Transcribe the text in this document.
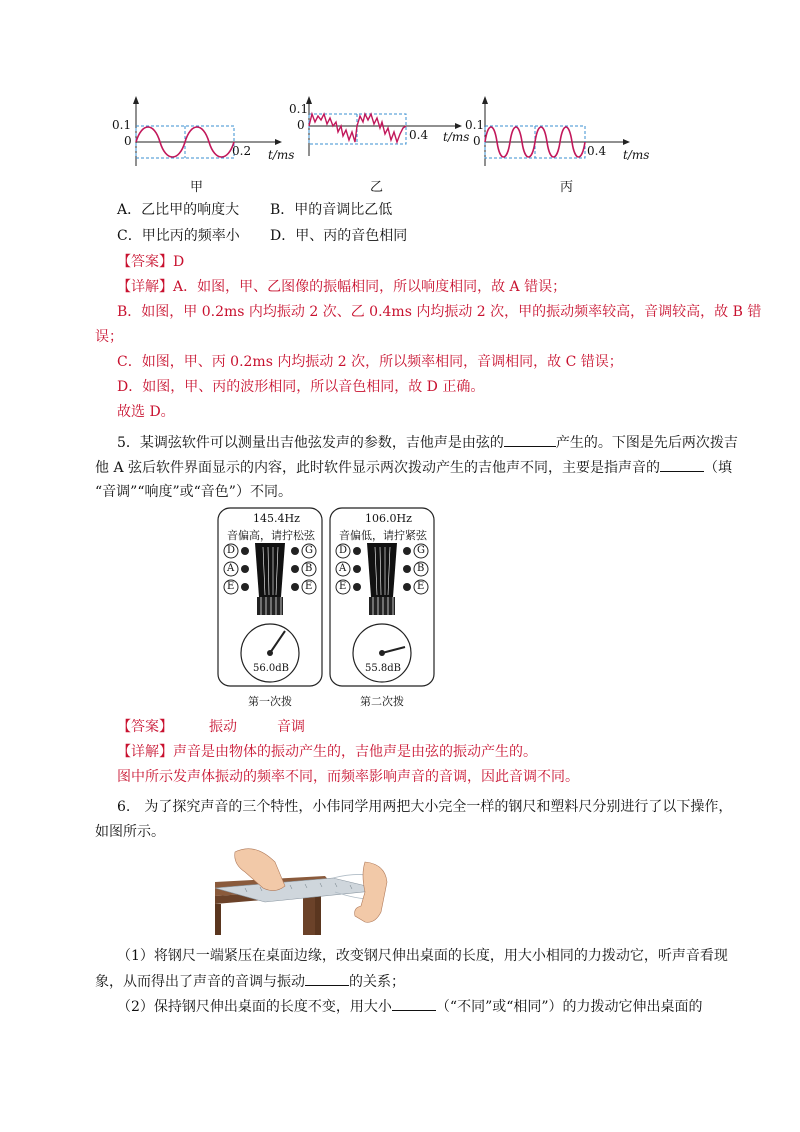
0.1
0
0.2 t/ms
甲
0.1
0
0.4 t/ms
乙
0.1
0
0.4 t/ms
丙
A．乙比甲的响度大 B．甲的音调比乙低
C．甲比丙的频率小 D．甲、丙的音色相同
【答案】D
【详解】A．如图，甲、乙图像的振幅相同，所以响度相同，故 A 错误；
B．如图，甲 0.2ms 内均振动 2 次、乙 0.4ms 内均振动 2 次，甲的振动频率较高，音调较高，故 B 错
误；
C．如图，甲、丙 0.2ms 内均振动 2 次，所以频率相同，音调相同，故 C 错误；
D．如图，甲、丙的波形相同，所以音色相同，故 D 正确。
故选 D。
5．某调弦软件可以测量出吉他弦发声的参数，吉他声是由弦的	产生的。下图是先后两次拨吉
他 A 弦后软件界面显示的内容，此时软件显示两次拨动产生的吉他声不同，主要是指声音的	（填
“音调”“响度”或“音色”）不同。
145.4Hz
音偏高，请拧松弦
D
A
E
G
B
E
56.0dB
第一次拨
106.0Hz
音偏低，请拧紧弦
D
A
E
G
B
E
55.8dB
第二次拨
【答案】	振动	音调
【详解】声音是由物体的振动产生的，吉他声是由弦的振动产生的。
图中所示发声体振动的频率不同，而频率影响声音的音调，因此音调不同。
6.　为了探究声音的三个特性，小伟同学用两把大小完全一样的钢尺和塑料尺分别进行了以下操作，
如图所示。
（1）将钢尺一端紧压在桌面边缘，改变钢尺伸出桌面的长度，用大小相同的力拨动它，听声音看现
象，从而得出了声音的音调与振动	的关系；
（2）保持钢尺伸出桌面的长度不变，用大小	（“不同”或“相同”）的力拨动它伸出桌面的
